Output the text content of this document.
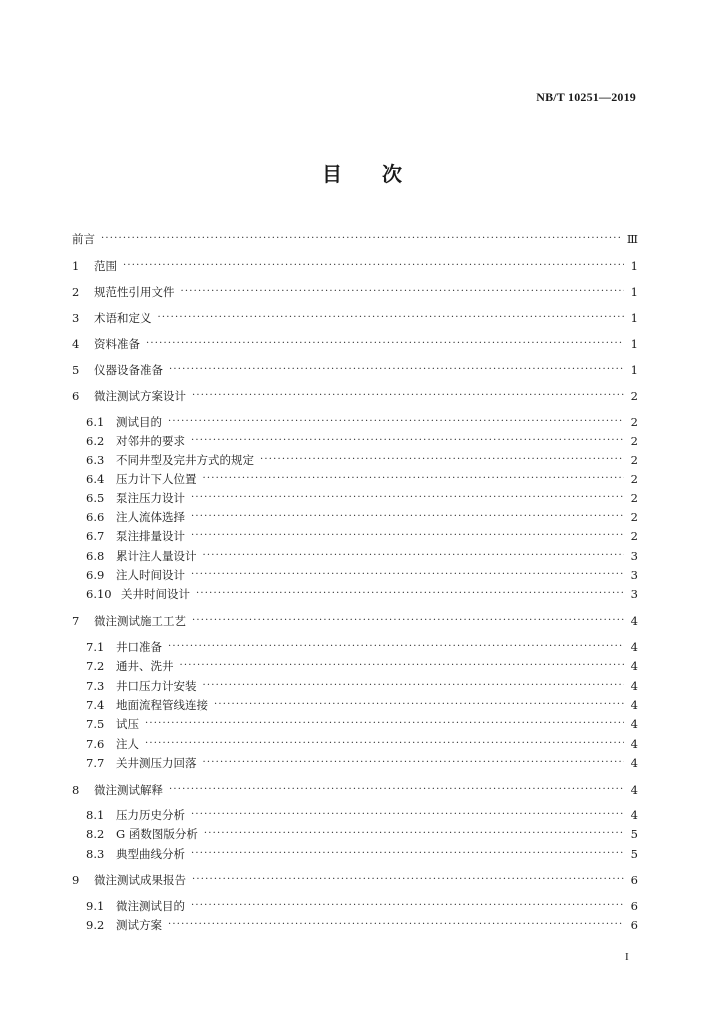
NB/T 10251—2019
目 次
前言 ·····	Ⅲ
1	范围 ·····	1
2	规范性引用文件 ·····	1
3	术语和定义 ·····	1
4	资料准备 ·····	1
5	仪器设备准备 ·····	1
6	微注测试方案设计 ·····	2
6.1	测试目的 ·····	2
6.2	对邻井的要求 ·····	2
6.3	不同井型及完井方式的规定 ·····	2
6.4	压力计下人位置 ·····	2
6.5	泵注压力设计 ·····	2
6.6	注人流体选择 ·····	2
6.7	泵注排量设计 ·····	2
6.8	累计注人量设计 ·····	3
6.9	注人时间设计 ·····	3
6.10 关井时间设计 ·····	3
7	微注测试施工工艺 ·····	4
7.1	井口准备 ·····	4
7.2	通井、洗井 ·····	4
7.3	井口压力计安装 ·····	4
7.4	地面流程管线连接 ·····	4
7.5	试压 ·····	4
7.6	注人 ·····	4
7.7	关井测压力回落 ·····	4
8	微注测试解释 ·····	4
8.1	压力历史分析 ·····	4
8.2	G 函数图版分析 ·····	5
8.3	典型曲线分析 ·····	5
9	微注测试成果报告 ·····	6
9.1	微注测试目的 ·····	6
9.2	测试方案 ·····	6
I
